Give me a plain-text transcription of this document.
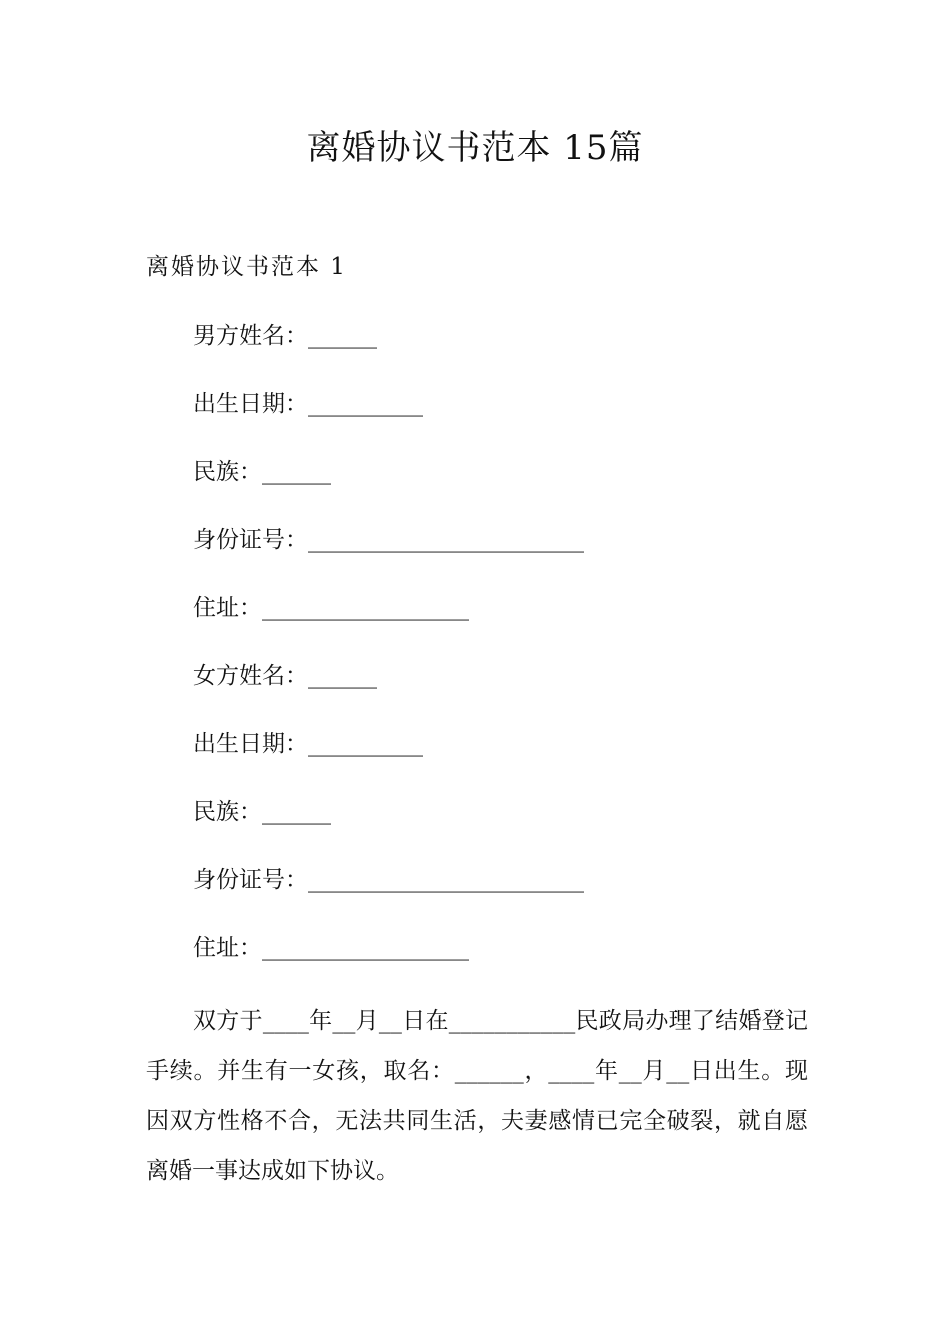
离婚协议书范本 15篇
离婚协议书范本 1
男方姓名：______
出生日期：__________
民族：______
身份证号：________________________
住址：__________________
女方姓名：______
出生日期：__________
民族：______
身份证号：________________________
住址：__________________
双方于____年__月__日在___________民政局办理了结婚登记手续。并生有一女孩，取名：______，____年__月__日出生。现因双方性格不合，无法共同生活，夫妻感情已完全破裂，就自愿离婚一事达成如下协议。
